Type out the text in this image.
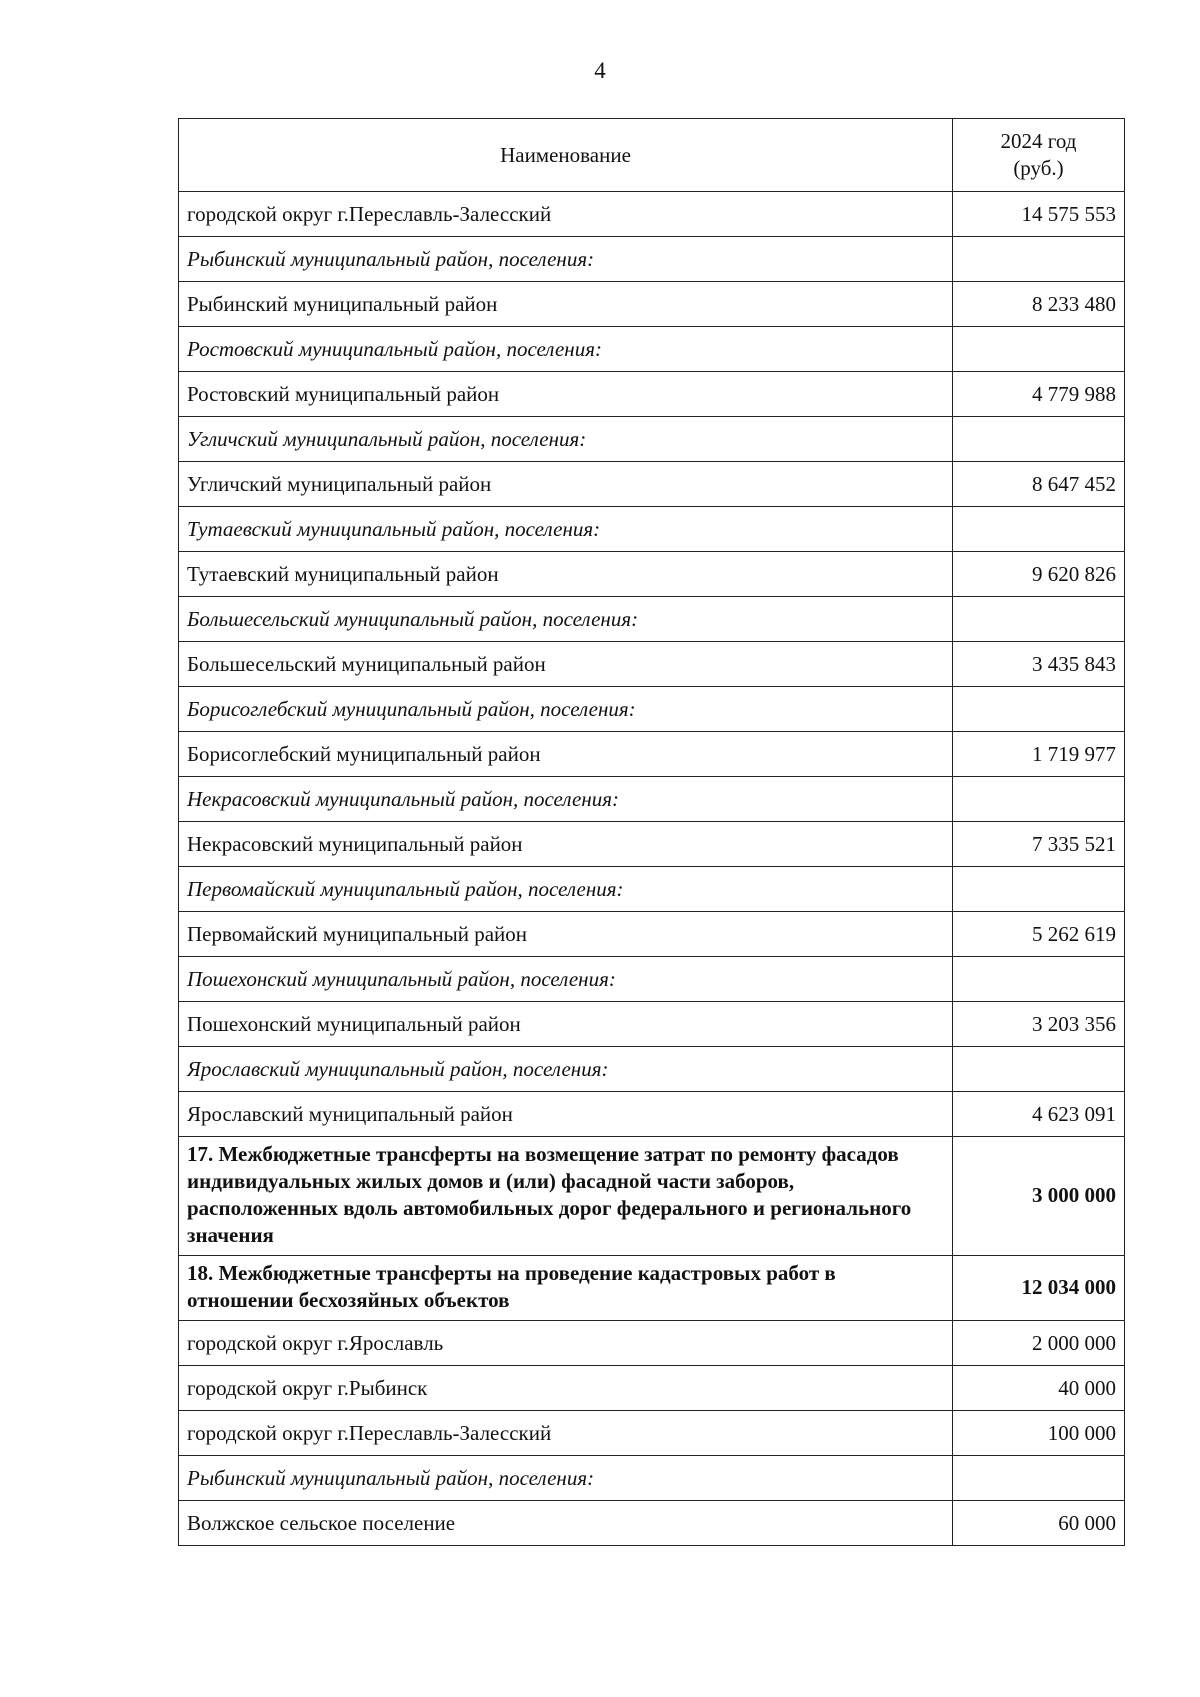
4
Наименование	2024 год
(руб.)
городской округ г.Переславль-Залесский	14 575 553
Рыбинский муниципальный район, поселения:	
Рыбинский муниципальный район	8 233 480
Ростовский муниципальный район, поселения:	
Ростовский муниципальный район	4 779 988
Угличский муниципальный район, поселения:	
Угличский муниципальный район	8 647 452
Тутаевский муниципальный район, поселения:	
Тутаевский муниципальный район	9 620 826
Большесельский муниципальный район, поселения:	
Большесельский муниципальный район	3 435 843
Борисоглебский муниципальный район, поселения:	
Борисоглебский муниципальный район	1 719 977
Некрасовский муниципальный район, поселения:	
Некрасовский муниципальный район	7 335 521
Первомайский муниципальный район, поселения:	
Первомайский муниципальный район	5 262 619
Пошехонский муниципальный район, поселения:	
Пошехонский муниципальный район	3 203 356
Ярославский муниципальный район, поселения:	
Ярославский муниципальный район	4 623 091
17. Межбюджетные трансферты на возмещение затрат по ремонту фасадов индивидуальных жилых домов и (или) фасадной части заборов, расположенных вдоль автомобильных дорог федерального и регионального значения	3 000 000
18. Межбюджетные трансферты на проведение кадастровых работ в отношении бесхозяйных объектов	12 034 000
городской округ г.Ярославль	2 000 000
городской округ г.Рыбинск	40 000
городской округ г.Переславль-Залесский	100 000
Рыбинский муниципальный район, поселения:	
Волжское сельское поселение	60 000
